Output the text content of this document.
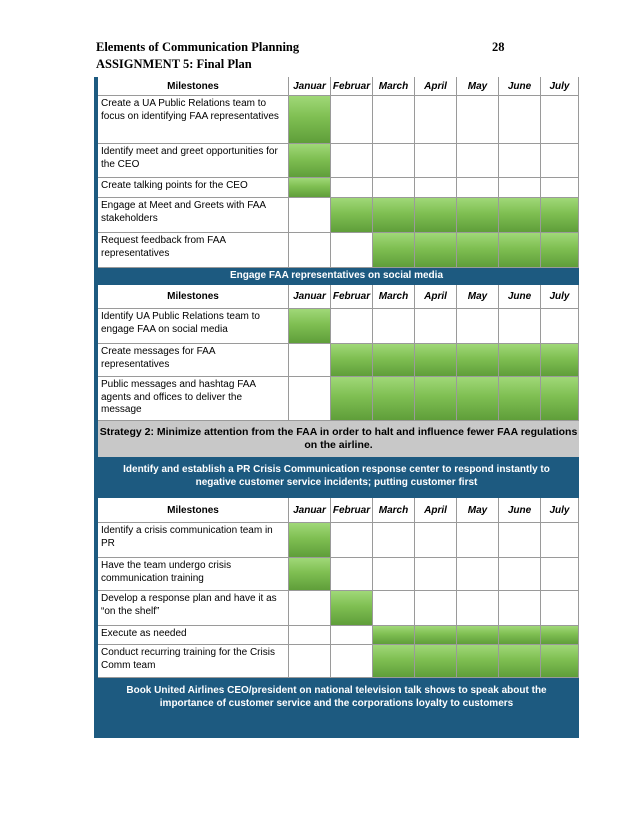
Elements of Communication Planning	28
ASSIGNMENT 5: Final Plan
Milestones	Januar Februar March	April	May	June	July
Create a UA Public Relations team to focus on identifying FAA representatives
Identify meet and greet opportunities for the CEO
Create talking points for the CEO
Engage at Meet and Greets with FAA stakeholders
Request feedback from FAA representatives
Engage FAA representatives on social media
Milestones	Januar Februar March	April	May	June	July
Identify UA Public Relations team to engage FAA on social media
Create messages for FAA representatives
Public messages and hashtag FAA agents and offices to deliver the message
Strategy 2: Minimize attention from the FAA in order to halt and influence fewer FAA regulations on the airline.
Identify and establish a PR Crisis Communication response center to respond instantly to negative customer service incidents; putting customer first
Milestones	Januar Februar March	April	May	June	July
Identify a crisis communication team in PR
Have the team undergo crisis communication training
Develop a response plan and have it as “on the shelf”
Execute as needed
Conduct recurring training for the Crisis Comm team
Book United Airlines CEO/president on national television talk shows to speak about the importance of customer service and the corporations loyalty to customers
